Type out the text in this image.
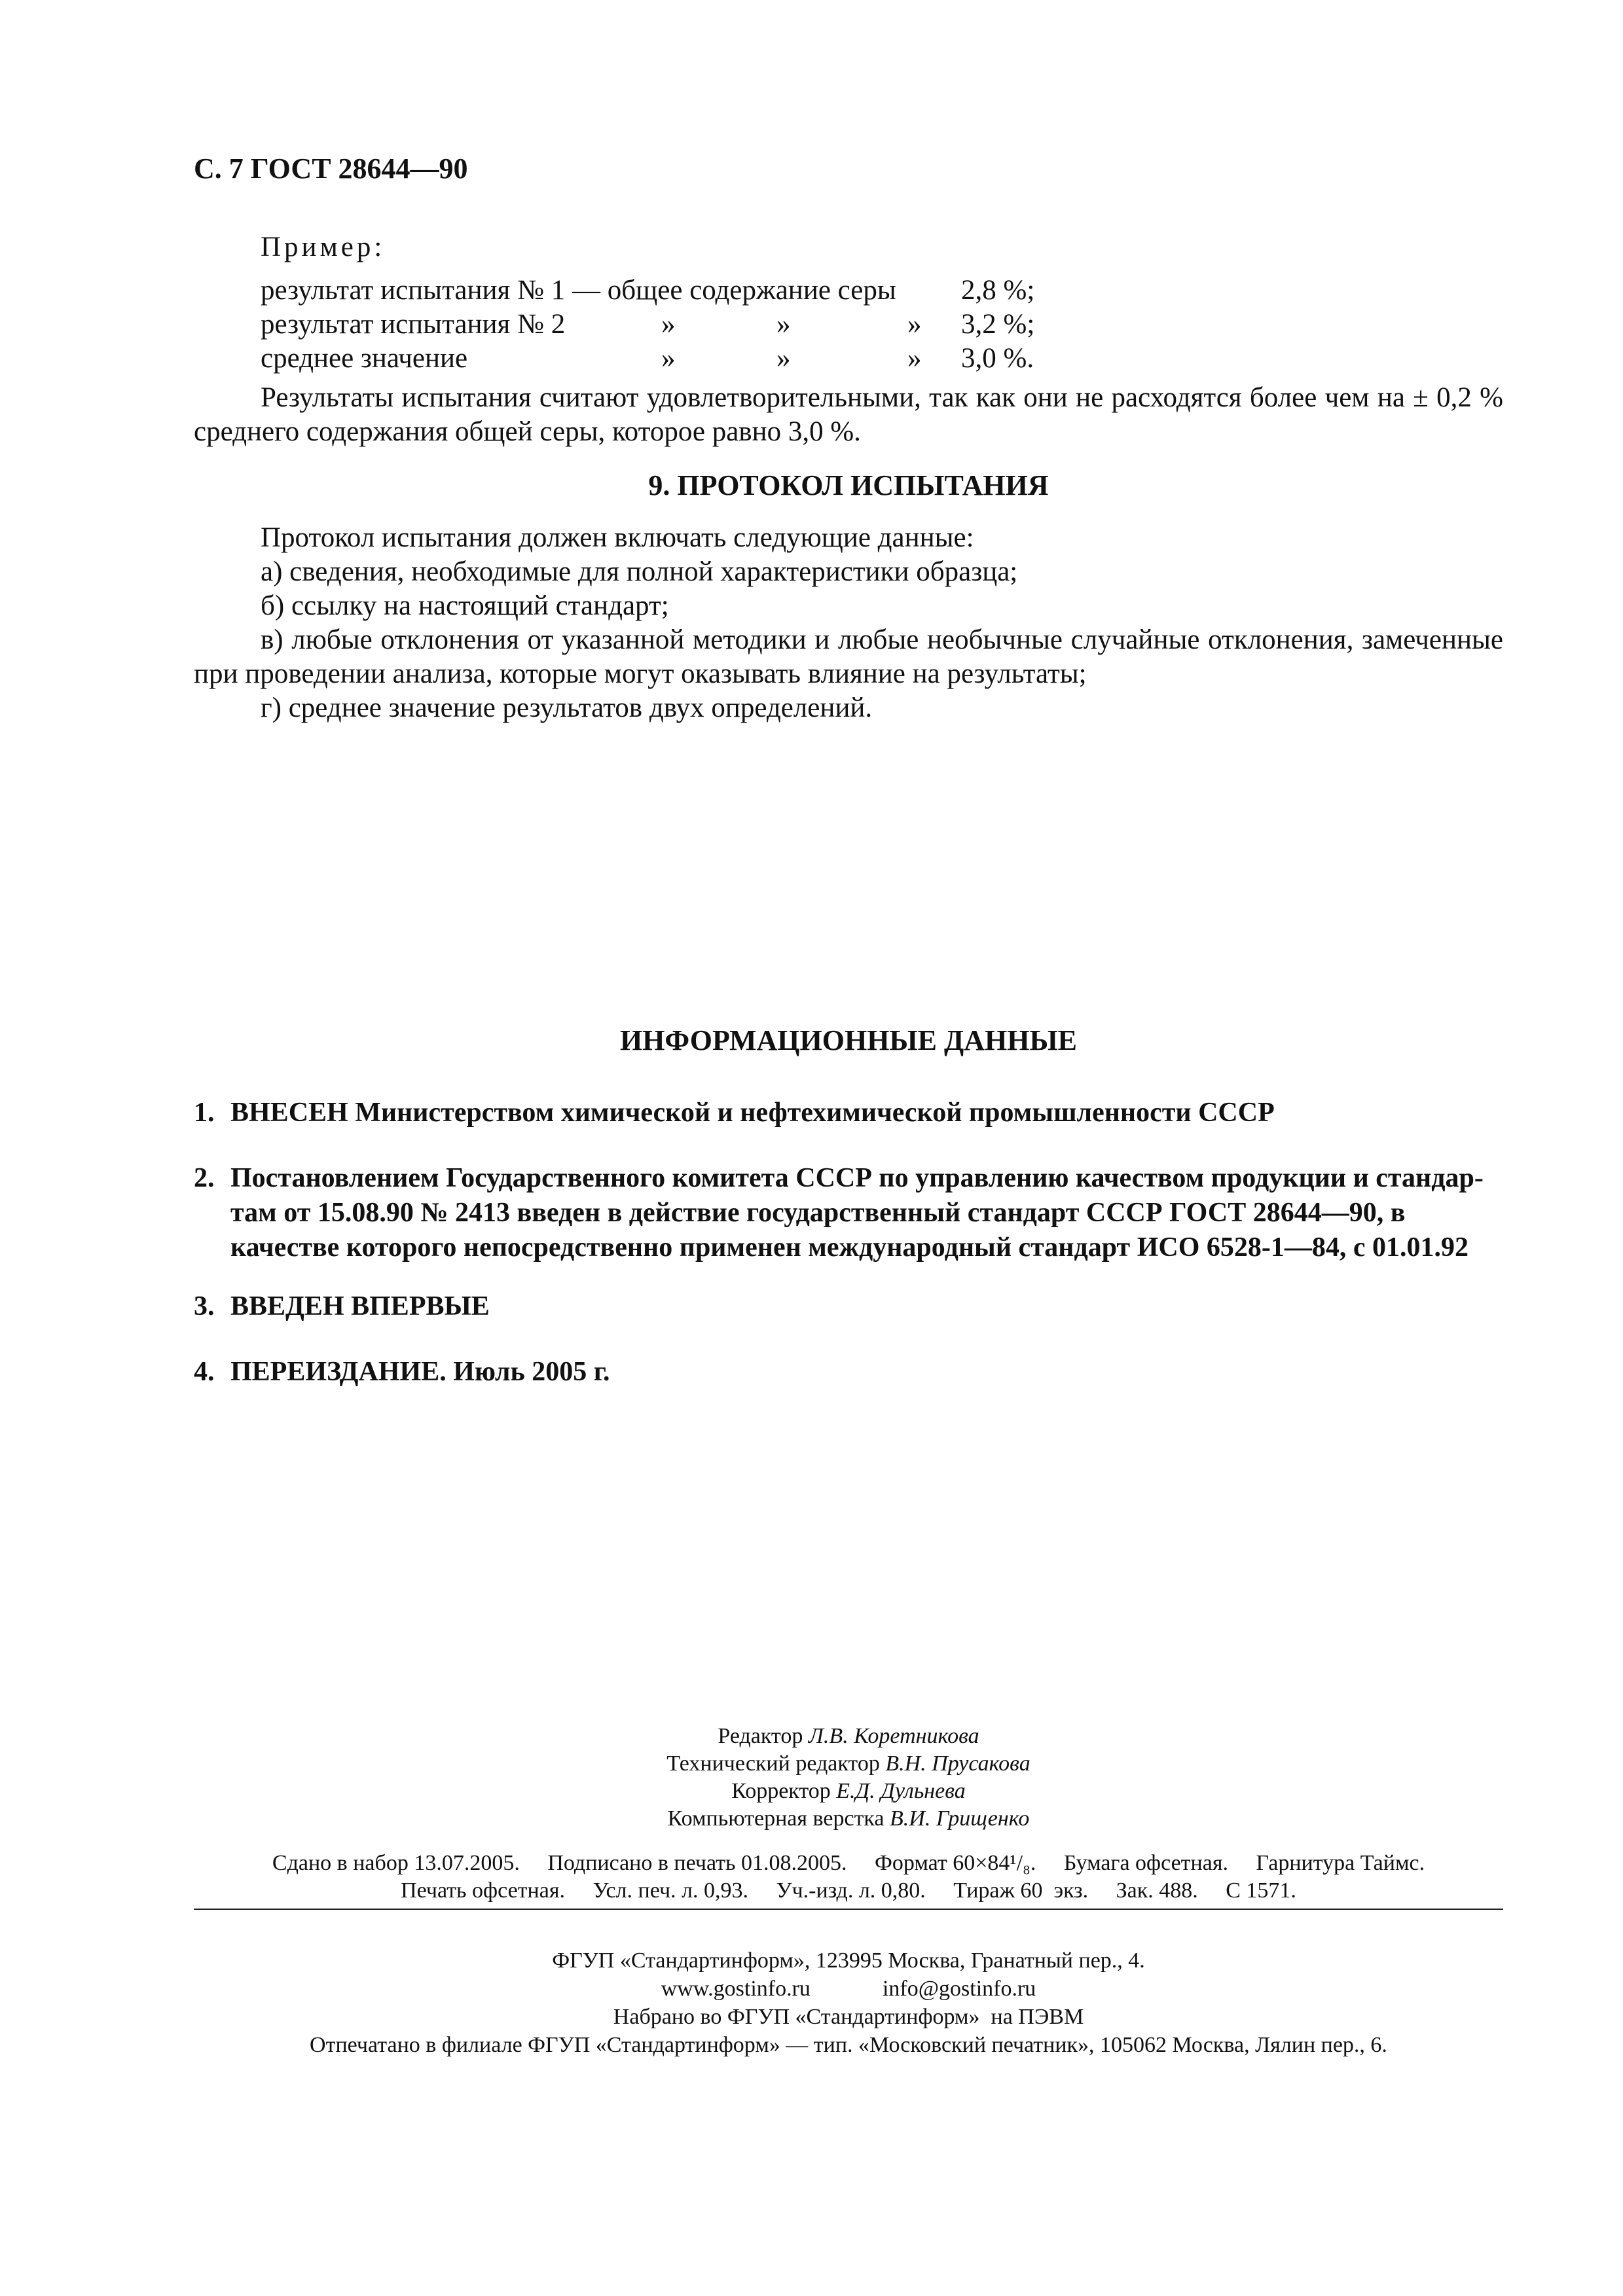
С. 7 ГОСТ 28644—90
Пример:
результат испытания № 1 — общее содержание серы 2,8 %;
результат испытания № 2	»	»	» 3,2 %;
среднее значение	»	»	» 3,0 %.
Результаты испытания считают удовлетворительными, так как они не расходятся более чем на ± 0,2 % среднего содержания общей серы, которое равно 3,0 %.
9. ПРОТОКОЛ ИСПЫТАНИЯ
Протокол испытания должен включать следующие данные:
а) сведения, необходимые для полной характеристики образца;
б) ссылку на настоящий стандарт;
в) любые отклонения от указанной методики и любые необычные случайные отклонения, замеченные при проведении анализа, которые могут оказывать влияние на результаты;
г) среднее значение результатов двух определений.
ИНФОРМАЦИОННЫЕ ДАННЫЕ
1. ВНЕСЕН Министерством химической и нефтехимической промышленности СССР
2. Постановлением Государственного комитета СССР по управлению качеством продукции и стандар-
там от 15.08.90 № 2413 введен в действие государственный стандарт СССР ГОСТ 28644—90, в
качестве которого непосредственно применен международный стандарт ИСО 6528-1—84, с 01.01.92
3. ВВЕДЕН ВПЕРВЫЕ
4. ПЕРЕИЗДАНИЕ. Июль 2005 г.
Редактор Л.В. Коретникова
Технический редактор В.Н. Прусакова
Корректор Е.Д. Дульнева
Компьютерная верстка В.И. Грищенко
Сдано в набор 13.07.2005.     Подписано в печать 01.08.2005.     Формат 60×84¹/₈.     Бумага офсетная.     Гарнитура Таймс.
Печать офсетная.     Усл. печ. л. 0,93.     Уч.-изд. л. 0,80.     Тираж 60  экз.     Зак. 488.     С 1571.
ФГУП «Стандартинформ», 123995 Москва, Гранатный пер., 4.
www.gostinfo.ru	info@gostinfo.ru
Набрано во ФГУП «Стандартинформ»  на ПЭВМ
Отпечатано в филиале ФГУП «Стандартинформ» — тип. «Московский печатник», 105062 Москва, Лялин пер., 6.
